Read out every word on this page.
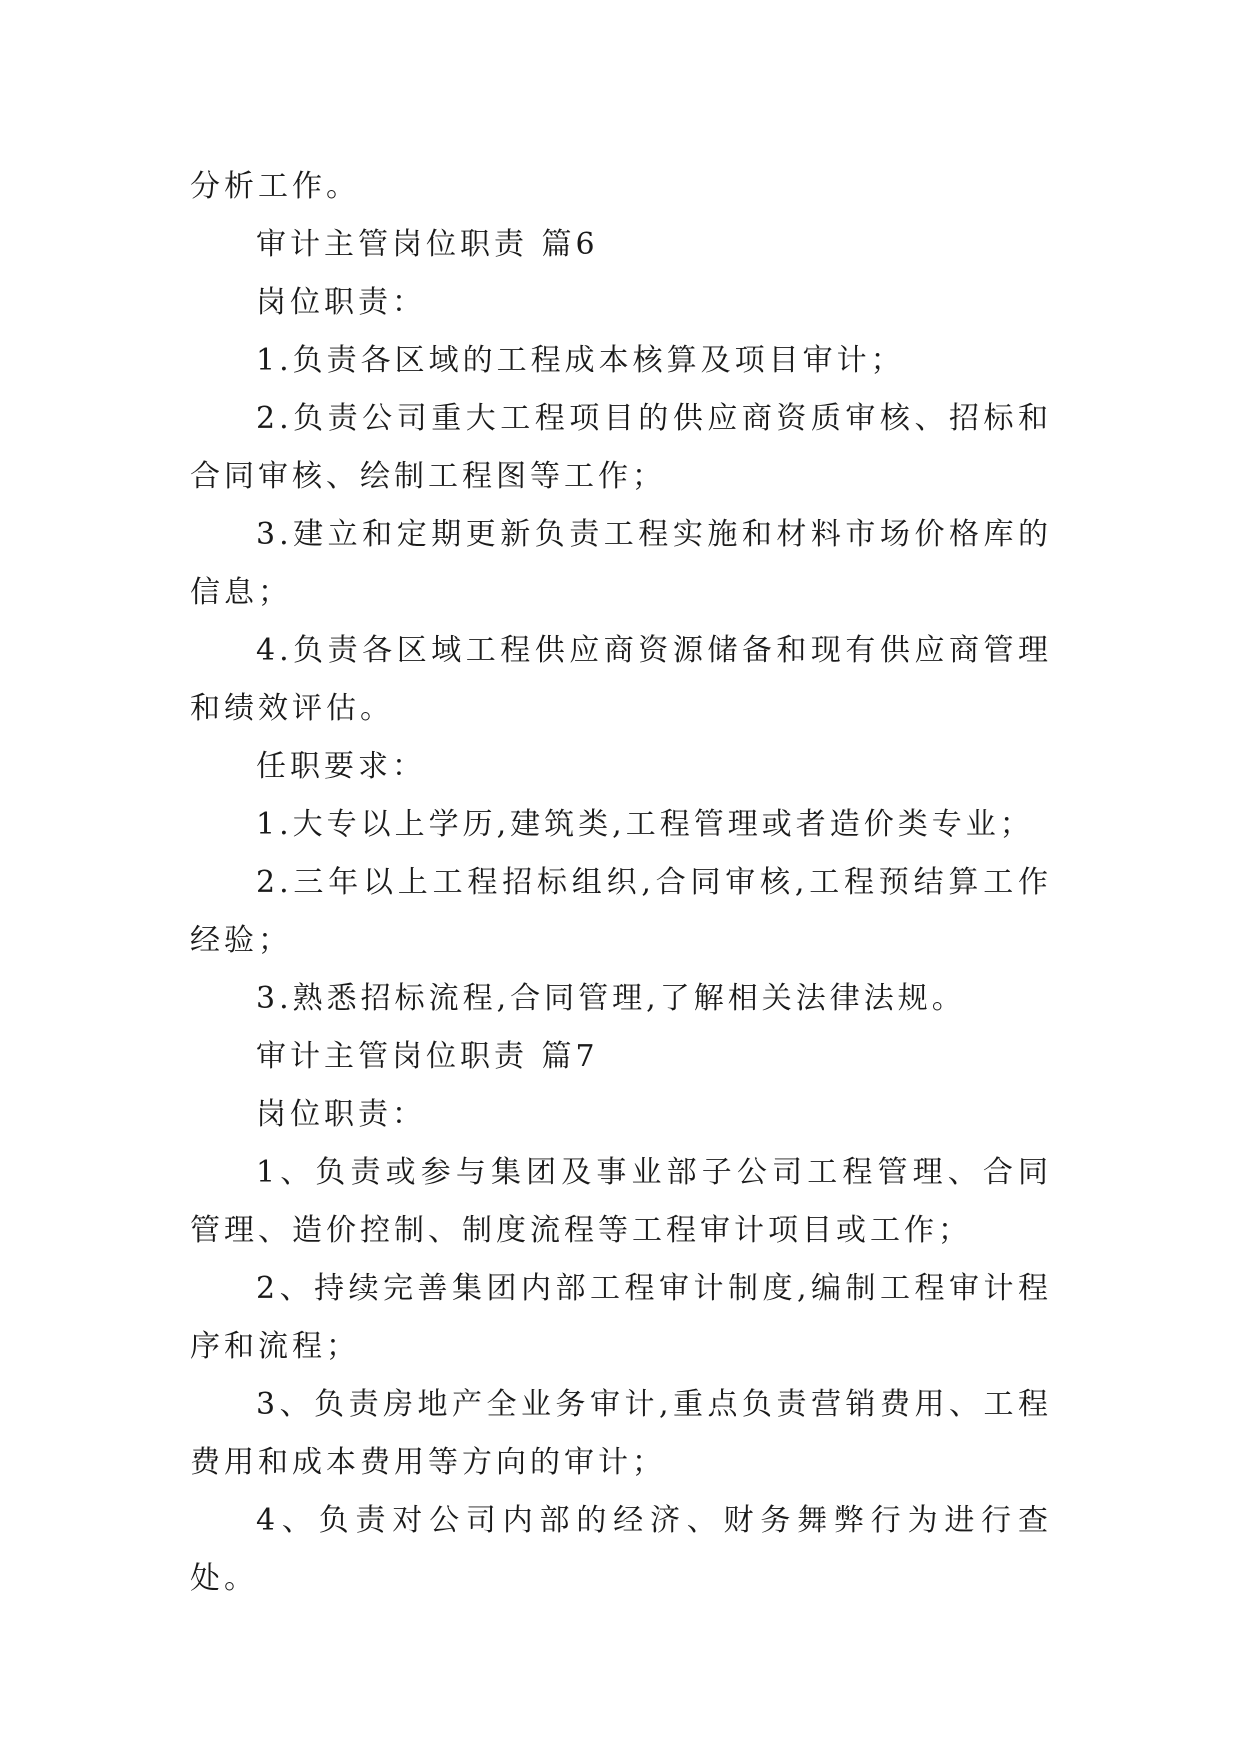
分析工作。

审计主管岗位职责 篇6

岗位职责：

1.负责各区域的工程成本核算及项目审计；

2.负责公司重大工程项目的供应商资质审核、招标和合同审核、绘制工程图等工作；

3.建立和定期更新负责工程实施和材料市场价格库的信息；

4.负责各区域工程供应商资源储备和现有供应商管理和绩效评估。

任职要求：

1.大专以上学历,建筑类,工程管理或者造价类专业；

2.三年以上工程招标组织,合同审核,工程预结算工作经验；

3.熟悉招标流程,合同管理,了解相关法律法规。

审计主管岗位职责 篇7

岗位职责：

1、负责或参与集团及事业部子公司工程管理、合同管理、造价控制、制度流程等工程审计项目或工作；

2、持续完善集团内部工程审计制度,编制工程审计程序和流程；

3、负责房地产全业务审计,重点负责营销费用、工程费用和成本费用等方向的审计；

4、负责对公司内部的经济、财务舞弊行为进行查处。
